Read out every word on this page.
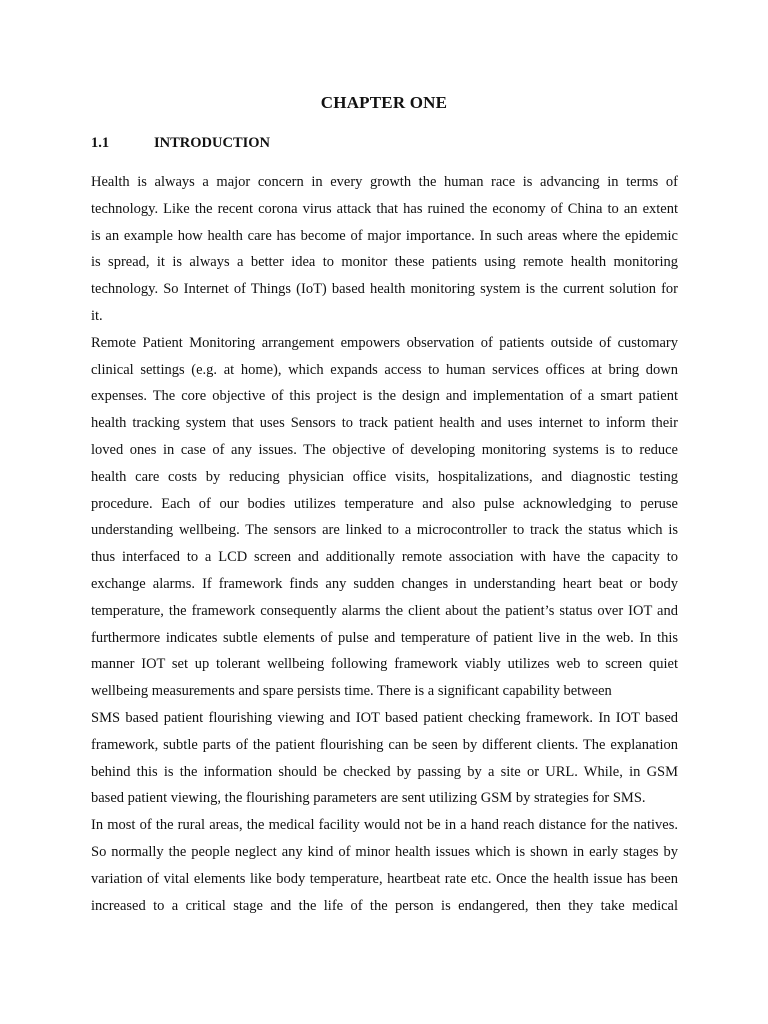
CHAPTER ONE
1.1	INTRODUCTION

Health is always a major concern in every growth the human race is advancing in terms of
technology. Like the recent corona virus attack that has ruined the economy of China to an extent
is an example how health care has become of major importance. In such areas where the epidemic
is spread, it is always a better idea to monitor these patients using remote health monitoring
technology. So Internet of Things (IoT) based health monitoring system is the current solution for
it.

Remote Patient Monitoring arrangement empowers observation of patients outside of customary
clinical settings (e.g. at home), which expands access to human services offices at bring down
expenses. The core objective of this project is the design and implementation of a smart patient
health tracking system that uses Sensors to track patient health and uses internet to inform their
loved ones in case of any issues. The objective of developing monitoring systems is to reduce
health care costs by reducing physician office visits, hospitalizations, and diagnostic testing
procedure. Each of our bodies utilizes temperature and also pulse acknowledging to peruse
understanding wellbeing. The sensors are linked to a microcontroller to track the status which is
thus interfaced to a LCD screen and additionally remote association with have the capacity to
exchange alarms. If framework finds any sudden changes in understanding heart beat or body
temperature, the framework consequently alarms the client about the patient’s status over IOT and
furthermore indicates subtle elements of pulse and temperature of patient live in the web. In this
manner IOT set up tolerant wellbeing following framework viably utilizes web to screen quiet
wellbeing measurements and spare persists time. There is a significant capability between

SMS based patient flourishing viewing and IOT based patient checking framework. In IOT based
framework, subtle parts of the patient flourishing can be seen by different clients. The explanation
behind this is the information should be checked by passing by a site or URL. While, in GSM
based patient viewing, the flourishing parameters are sent utilizing GSM by strategies for SMS.

In most of the rural areas, the medical facility would not be in a hand reach distance for the natives.
So normally the people neglect any kind of minor health issues which is shown in early stages by
variation of vital elements like body temperature, heartbeat rate etc. Once the health issue has been
increased to a critical stage and the life of the person is endangered, then they take medical
